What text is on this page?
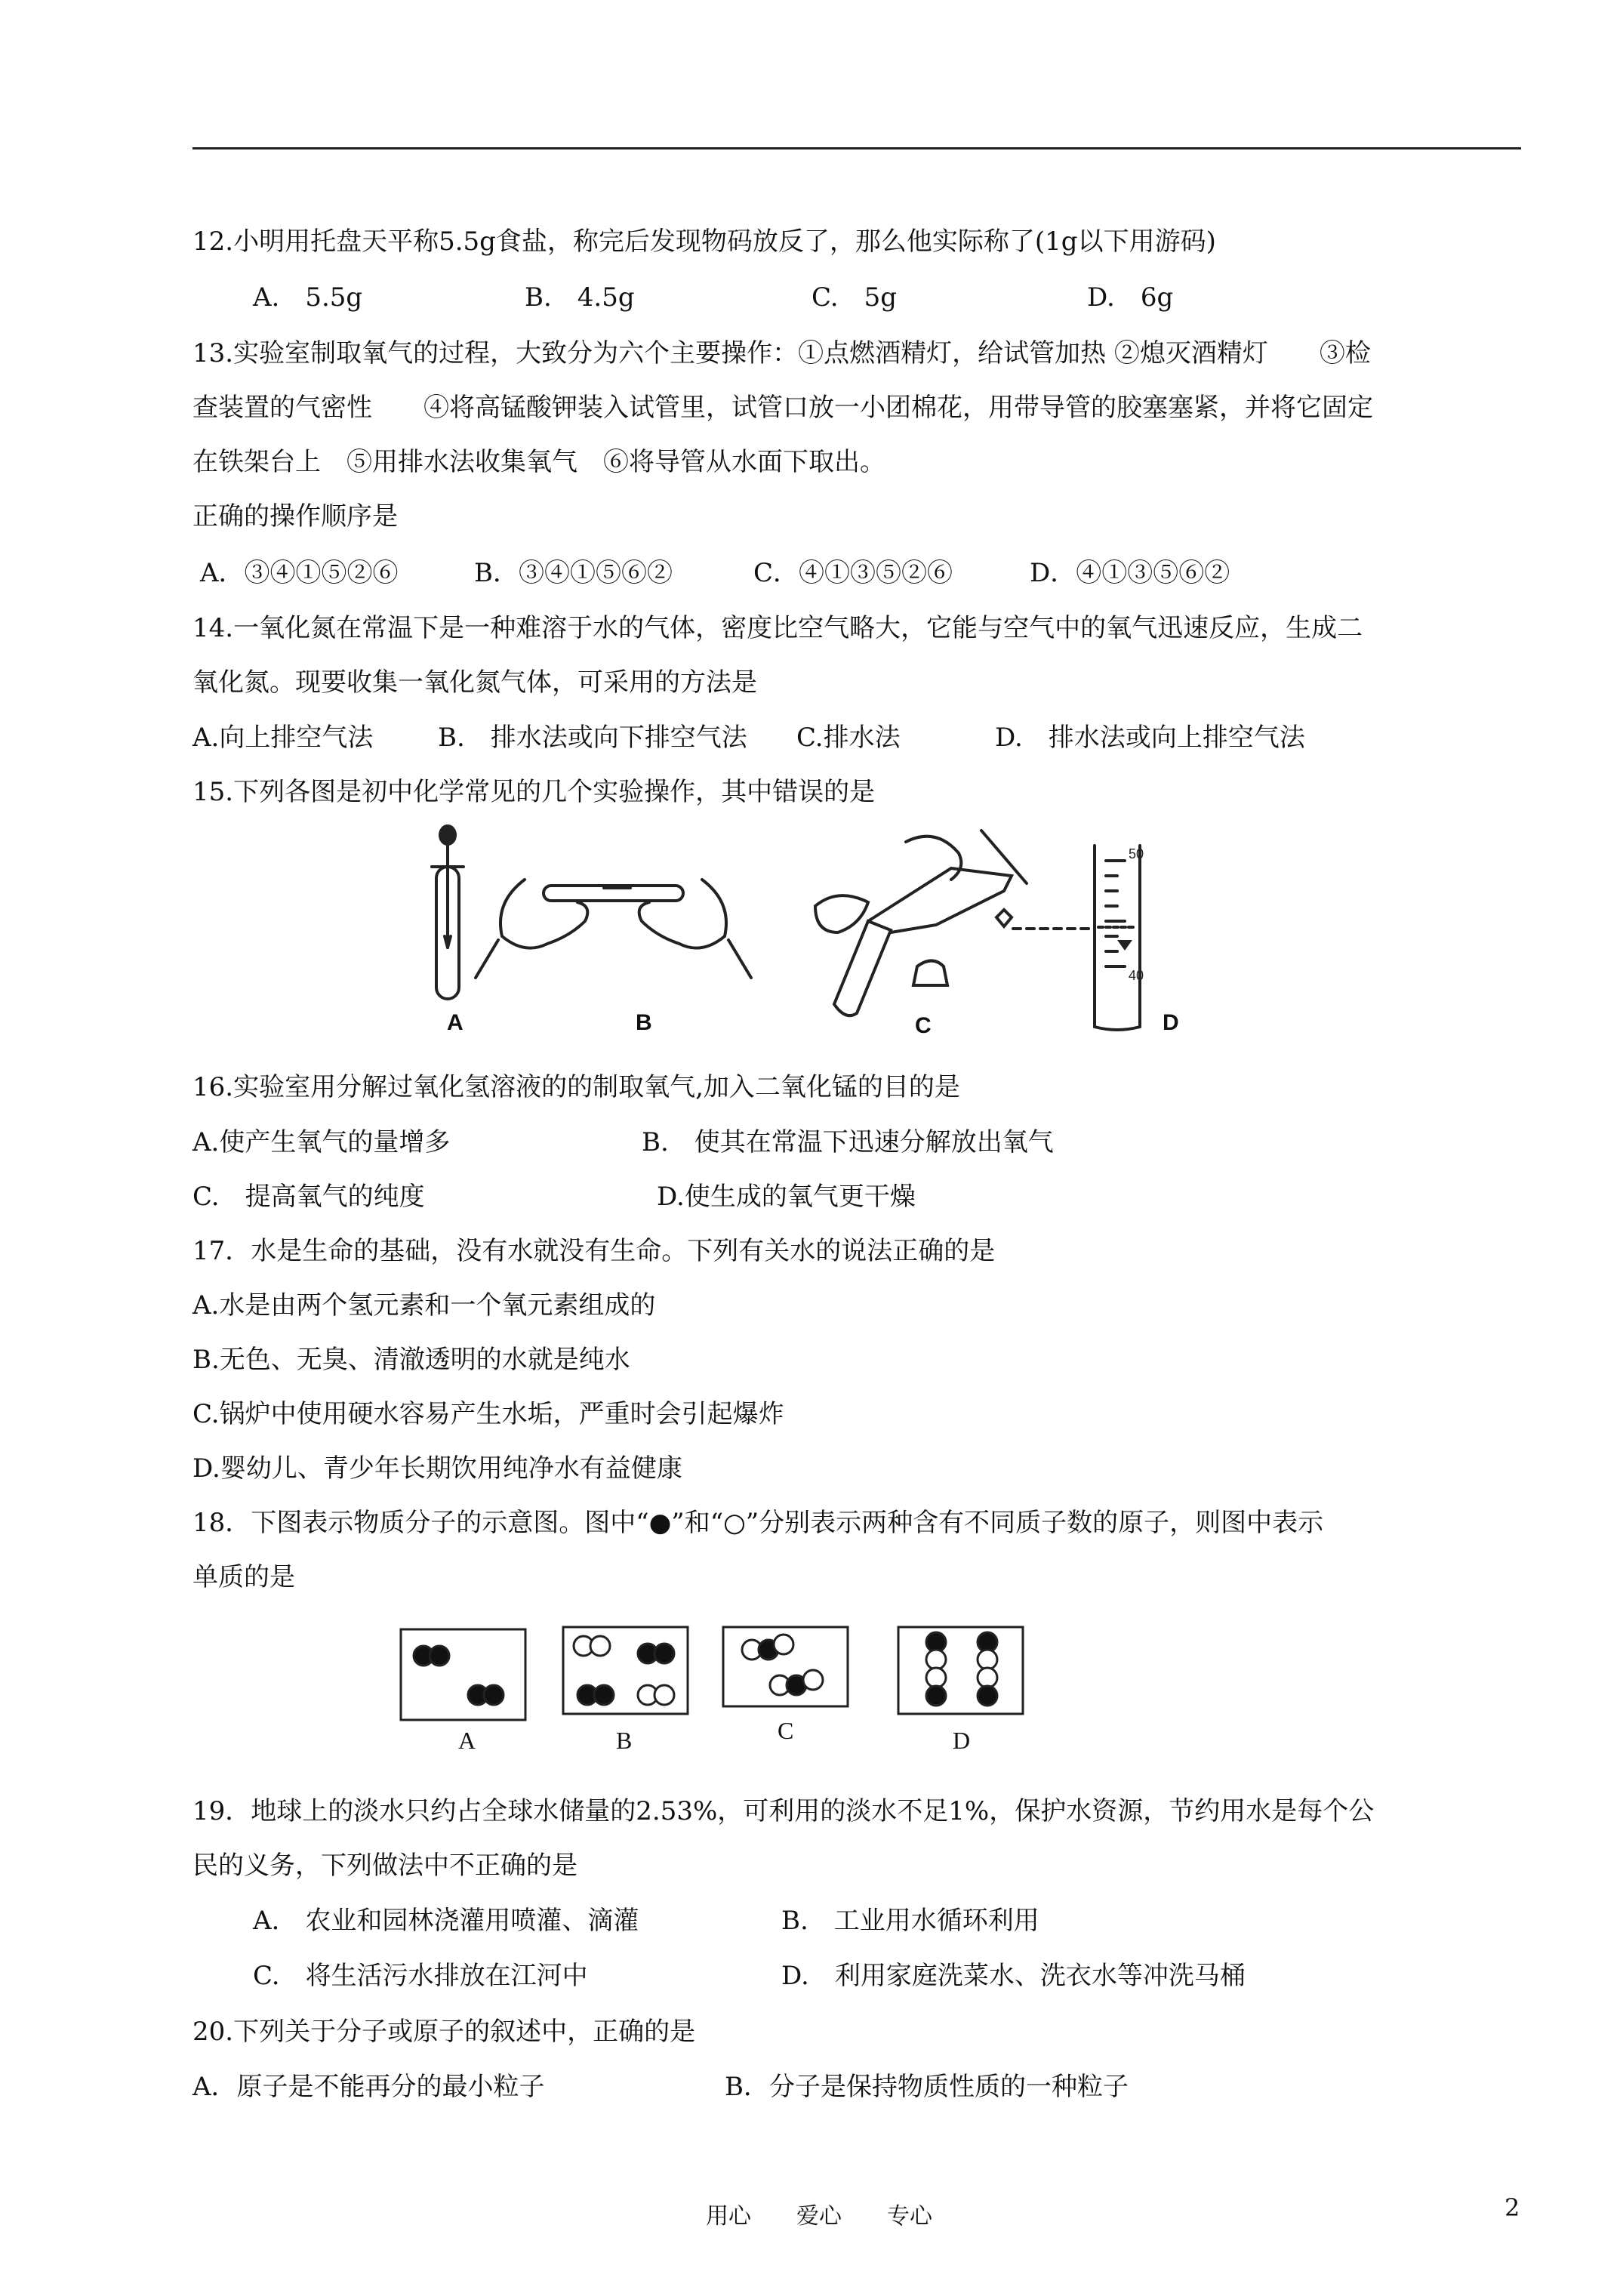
12.小明用托盘天平称5.5g食盐，称完后发现物码放反了，那么他实际称了(1g以下用游码)
A.　5.5g	B.　4.5g	C.　5g	D.　6g
13.实验室制取氧气的过程，大致分为六个主要操作：①点燃酒精灯，给试管加热 ②熄灭酒精灯　　③检
查装置的气密性　　④将高锰酸钾装入试管里，试管口放一小团棉花，用带导管的胶塞塞紧，并将它固定
在铁架台上　⑤用排水法收集氧气　⑥将导管从水面下取出。
正确的操作顺序是
A．③④①⑤②⑥	B．③④①⑤⑥②	C．④①③⑤②⑥	D．④①③⑤⑥②
14.一氧化氮在常温下是一种难溶于水的气体，密度比空气略大，它能与空气中的氧气迅速反应，生成二
氧化氮。现要收集一氧化氮气体，可采用的方法是
A.向上排空气法	B.　排水法或向下排空气法 C.排水法	D.　排水法或向上排空气法
15.下列各图是初中化学常见的几个实验操作，其中错误的是
50
40
A	B	C	D
16.实验室用分解过氧化氢溶液的的制取氧气,加入二氧化锰的目的是
A.使产生氧气的量增多	B.　使其在常温下迅速分解放出氧气
C.　提高氧气的纯度	D.使生成的氧气更干燥
17．水是生命的基础，没有水就没有生命。下列有关水的说法正确的是
A.水是由两个氢元素和一个氧元素组成的
B.无色、无臭、清澈透明的水就是纯水
C.锅炉中使用硬水容易产生水垢，严重时会引起爆炸
D.婴幼儿、青少年长期饮用纯净水有益健康
18．下图表示物质分子的示意图。图中“●”和“○”分别表示两种含有不同质子数的原子，则图中表示
单质的是
A	B	C	D
19．地球上的淡水只约占全球水储量的2.53%，可利用的淡水不足1%，保护水资源，节约用水是每个公
民的义务，下列做法中不正确的是
A.　农业和园林浇灌用喷灌、滴灌	B.　工业用水循环利用
C.　将生活污水排放在江河中	D.　利用家庭洗菜水、洗衣水等冲洗马桶
20.下列关于分子或原子的叙述中，正确的是
A．原子是不能再分的最小粒子	B．分子是保持物质性质的一种粒子
用心　　爱心　　专心	2
